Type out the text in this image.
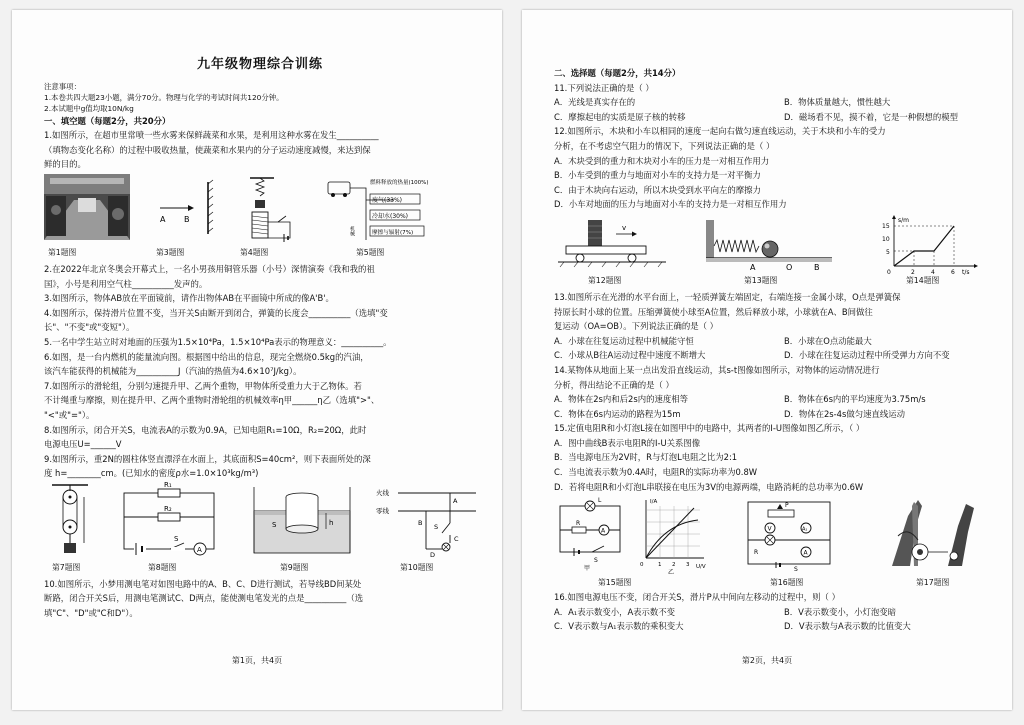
九年级物理综合训练
注意事项：
1.本卷共四大题23小题，满分70分。物理与化学的考试时间共120分钟。
2.本试题中g值均取10N/kg
一、填空题（每题2分，共20分）
1.如图所示，在超市里常喷一些水雾来保鲜蔬菜和水果，是利用这种水雾在发生__________
（填物态变化名称）的过程中吸收热量，使蔬菜和水果内的分子运动速度减慢，来达到保
鲜的目的。
A B
燃料释放的热量(100%)
废气(33%)
冷却水(30%)
摩擦与辐射(7%)
机械
第1题图	第3题图	第4题图	第5题图
2.在2022年北京冬奥会开幕式上，一名小男孩用铜管乐器（小号）深情演奏《我和我的祖
国》，小号是利用空气柱__________发声的。
3.如图所示，物体AB放在平面镜前，请作出物体AB在平面镜中所成的像A'B'。
4.如图所示，保持滑片位置不变，当开关S由断开到闭合，弹簧的长度会__________（选填"变
长"、"不变"或"变短"）。
5.一名中学生站立时对地面的压强为1.5×10⁴Pa，1.5×10⁴Pa表示的物理意义：__________。
6.如图，是一台内燃机的能量流向图。根据图中给出的信息，现完全燃烧0.5kg的汽油，
该汽车能获得的机械能为__________J（汽油的热值为4.6×10⁷J/kg）。
7.如图所示的滑轮组，分别匀速提升甲、乙两个重物，甲物体所受重力大于乙物体。若
不计绳重与摩擦，则在提升甲、乙两个重物时滑轮组的机械效率η甲______η乙（选填">"、
"<"或"="）。
8.如图所示，闭合开关S，电流表A的示数为0.9A，已知电阻R₁=10Ω，R₂=20Ω，此时
电源电压U=______V
9.如图所示，重2N的圆柱体竖直漂浮在水面上，其底面积S=40cm²，则下表面所处的深
度 h=________cm。(已知水的密度ρ水=1.0×10³kg/m³)
R₁
R₂
S
A
S	h
火线
零线
A
B
C
D
S
第7题图	第8题图	第9题图	第10题图
10.如图所示，小梦用测电笔对如图电路中的A、B、C、D进行测试，若导线BD间某处
断路，闭合开关S后，用测电笔测试C、D两点，能使测电笔发光的点是__________（选
填"C"、"D"或"C和D"）。
第1页，共4页
二、选择题（每题2分，共14分）
11.下列说法正确的是（ ）
A．光线是真实存在的	B．物体质量越大，惯性越大
C．摩擦起电的实质是原子核的转移	D．磁场看不见，摸不着，它是一种假想的模型
12.如图所示，木块和小车以相同的速度一起向右做匀速直线运动，关于木块和小车的受力
分析，在不考虑空气阻力的情况下，下列说法正确的是（ ）
A．木块受到的重力和木块对小车的压力是一对相互作用力
B．小车受到的重力与地面对小车的支持力是一对平衡力
C．由于木块向右运动，所以木块受到水平向左的摩擦力
D．小车对地面的压力与地面对小车的支持力是一对相互作用力
v
A	O	B
s/m
15
10
5
0	2	4	6 t/s
第12题图	第13题图	第14题图
13.如图所示在光滑的水平台面上，一轻质弹簧左端固定，右端连接一金属小球，O点是弹簧保
持原长时小球的位置。压缩弹簧使小球至A位置，然后释放小球，小球就在A、B间做往
复运动（OA=OB）。下列说法正确的是（ ）
A．小球在往复运动过程中机械能守恒	B．小球在O点动能最大
C．小球从B往A运动过程中速度不断增大	D．小球在往复运动过程中所受弹力方向不变
14.某物体从地面上某一点出发沿直线运动，其s-t图像如图所示，对物体的运动情况进行
分析，得出结论不正确的是（ ）
A．物体在2s内和后2s内的速度相等	B．物体在6s内的平均速度为3.75m/s
C．物体在6s内运动的路程为15m	D．物体在2s-4s做匀速直线运动
15.定值电阻R和小灯泡L接在如图甲中的电路中，其两者的I-U图像如图乙所示，（ ）
A．图中曲线B表示电阻R的I-U关系图像
B．当电源电压为2V时，R与灯泡L电阻之比为2:1
C．当电流表示数为0.4A时，电阻R的实际功率为0.8W
D．若将电阻R和小灯泡L串联接在电压为3V的电源两端，电路消耗的总功率为0.6W
L
R
A
S
甲
I/A
U/V
0	1 2 3
乙
P
V	A₁
A
R
S
第15题图	第16题图	第17题图
16.如图电源电压不变，闭合开关S，滑片P从中间向左移动的过程中，则（ ）
A．A₁表示数变小，A表示数不变	B．V表示数变小，小灯泡变暗
C．V表示数与A₁表示数的乘积变大	D．V表示数与A表示数的比值变大
第2页，共4页
